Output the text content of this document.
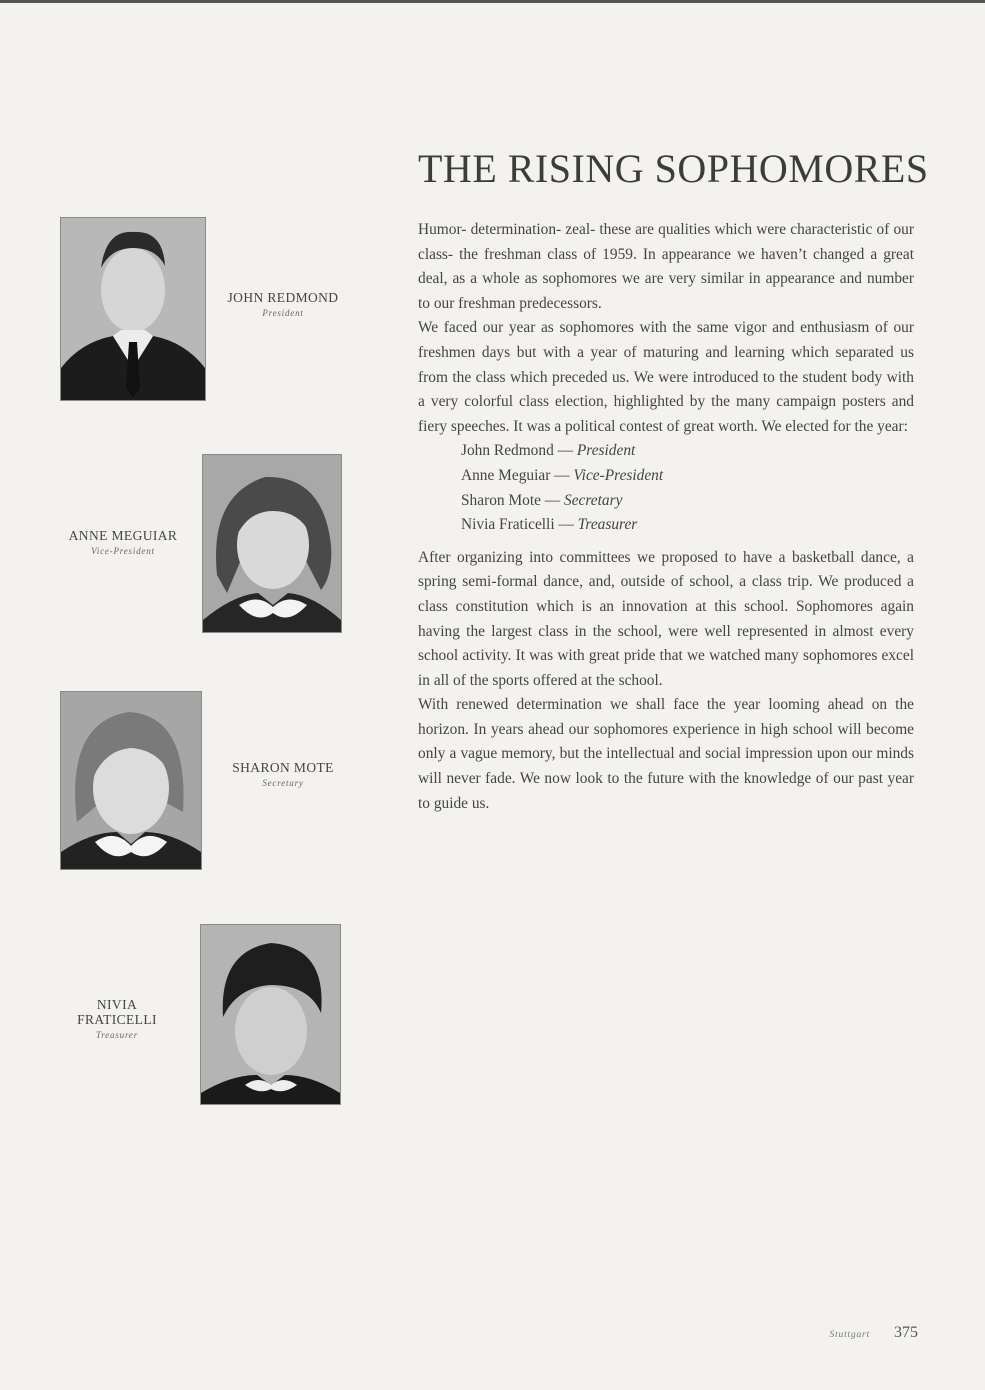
THE RISING SOPHOMORES

Humor- determination- zeal- these are qualities which were characteristic of our class- the freshman class of 1959. In appearance we haven’t changed a great deal, as a whole as sophomores we are very similar in appearance and number to our freshman predecessors.

We faced our year as sophomores with the same vigor and enthusiasm of our freshmen days but with a year of maturing and learning which separated us from the class which preceded us. We were introduced to the student body with a very colorful class election, highlighted by the many campaign posters and fiery speeches. It was a political contest of great worth. We elected for the year:

John Redmond — President
Anne Meguiar — Vice-President
Sharon Mote — Secretary
Nivia Fraticelli — Treasurer

After organizing into committees we proposed to have a basketball dance, a spring semi-formal dance, and, outside of school, a class trip. We produced a class constitution which is an innovation at this school. Sophomores again having the largest class in the school, were well represented in almost every school activity. It was with great pride that we watched many sophomores excel in all of the sports offered at the school.

With renewed determination we shall face the year looming ahead on the horizon. In years ahead our sophomores experience in high school will become only a vague memory, but the intellectual and social impression upon our minds will never fade. We now look to the future with the knowledge of our past year to guide us.

JOHN REDMOND
President
ANNE MEGUIAR
Vice-President
SHARON MOTE
Secretary
NIVIA
FRATICELLI
Treasurer
Stuttgart 375
